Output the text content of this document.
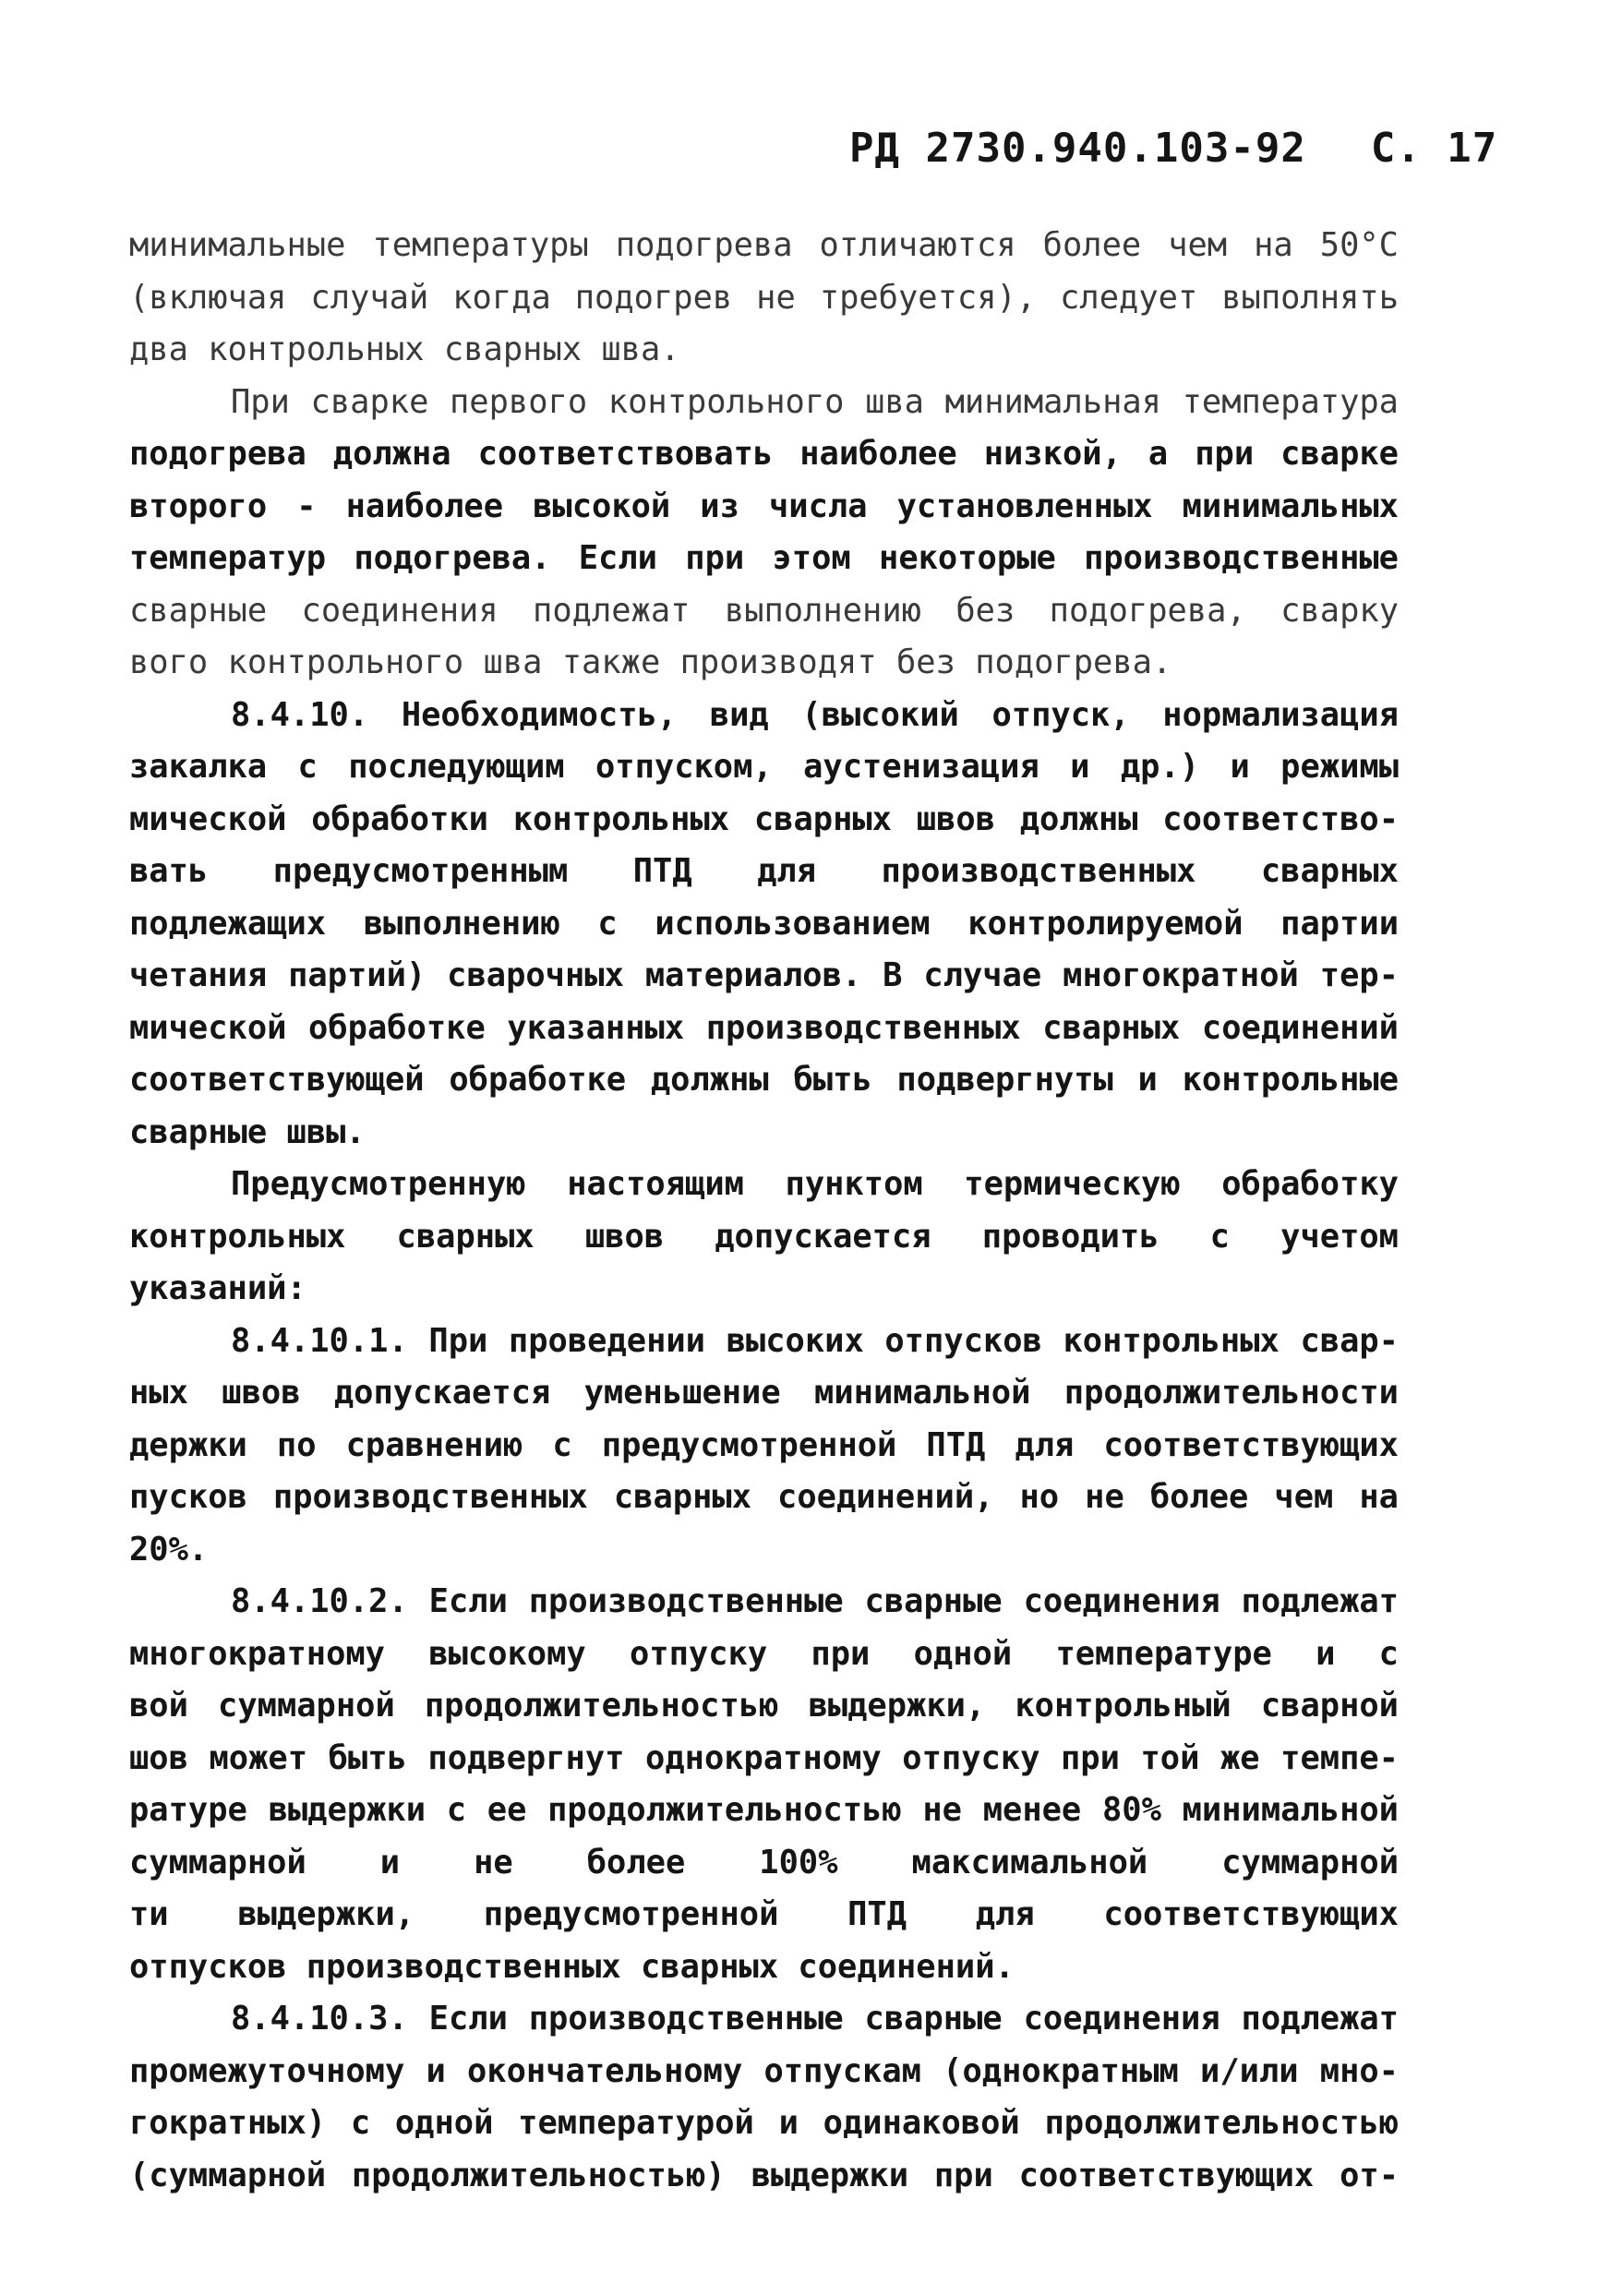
РД 2730.940.103-92 С. 17
минимальные температуры подогрева отличаются более чем на 50°С
(включая случай когда подогрев не требуется), следует выполнять
два контрольных сварных шва.
При сварке первого контрольного шва минимальная температура
подогрева должна соответствовать наиболее низкой, а при сварке
второго - наиболее высокой из числа установленных минимальных
температур подогрева. Если при этом некоторые производственные
сварные соединения подлежат выполнению без подогрева, сварку
вого контрольного шва также производят без подогрева.
8.4.10. Необходимость, вид (высокий отпуск, нормализация
закалка с последующим отпуском, аустенизация и др.) и режимы
мической обработки контрольных сварных швов должны соответство-
вать предусмотренным ПТД для производственных сварных
подлежащих выполнению с использованием контролируемой партии
четания партий) сварочных материалов. В случае многократной тер-
мической обработке указанных производственных сварных соединений
соответствующей обработке должны быть подвергнуты и контрольные
сварные швы.
Предусмотренную настоящим пунктом термическую обработку
контрольных сварных швов допускается проводить с учетом
указаний:
8.4.10.1. При проведении высоких отпусков контрольных свар-
ных швов допускается уменьшение минимальной продолжительности
держки по сравнению с предусмотренной ПТД для соответствующих
пусков производственных сварных соединений, но не более чем на
20%.
8.4.10.2. Если производственные сварные соединения подлежат
многократному высокому отпуску при одной температуре и с
вой суммарной продолжительностью выдержки, контрольный сварной
шов может быть подвергнут однократному отпуску при той же темпе-
ратуре выдержки с ее продолжительностью не менее 80% минимальной
суммарной и не более 100% максимальной суммарной
ти выдержки, предусмотренной ПТД для соответствующих
отпусков производственных сварных соединений.
8.4.10.3. Если производственные сварные соединения подлежат
промежуточному и окончательному отпускам (однократным и/или мно-
гократных) с одной температурой и одинаковой продолжительностью
(суммарной продолжительностью) выдержки при соответствующих от-
